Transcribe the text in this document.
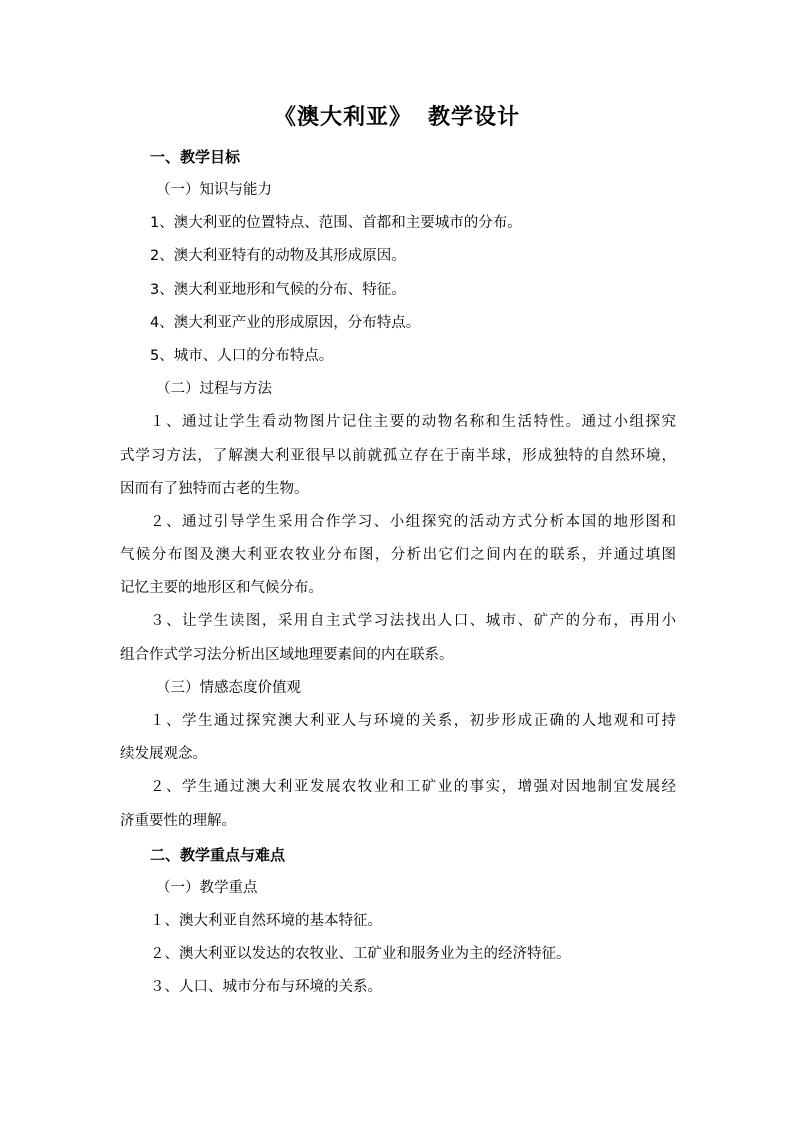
《澳大利亚》 教学设计
一、教学目标
（一）知识与能力
1、澳大利亚的位置特点、范围、首都和主要城市的分布。
2、澳大利亚特有的动物及其形成原因。
3、澳大利亚地形和气候的分布、特征。
4、澳大利亚产业的形成原因，分布特点。
5、城市、人口的分布特点。
（二）过程与方法
１、通过让学生看动物图片记住主要的动物名称和生活特性。通过小组探究
式学习方法，了解澳大利亚很早以前就孤立存在于南半球，形成独特的自然环境，
因而有了独特而古老的生物。
２、通过引导学生采用合作学习、小组探究的活动方式分析本国的地形图和
气候分布图及澳大利亚农牧业分布图，分析出它们之间内在的联系，并通过填图
记忆主要的地形区和气候分布。
３、让学生读图，采用自主式学习法找出人口、城市、矿产的分布，再用小
组合作式学习法分析出区域地理要素间的内在联系。
（三）情感态度价值观
１、学生通过探究澳大利亚人与环境的关系，初步形成正确的人地观和可持
续发展观念。
２、学生通过澳大利亚发展农牧业和工矿业的事实，增强对因地制宜发展经
济重要性的理解。
二、教学重点与难点
（一）教学重点
１、澳大利亚自然环境的基本特征。
２、澳大利亚以发达的农牧业、工矿业和服务业为主的经济特征。
３、人口、城市分布与环境的关系。
